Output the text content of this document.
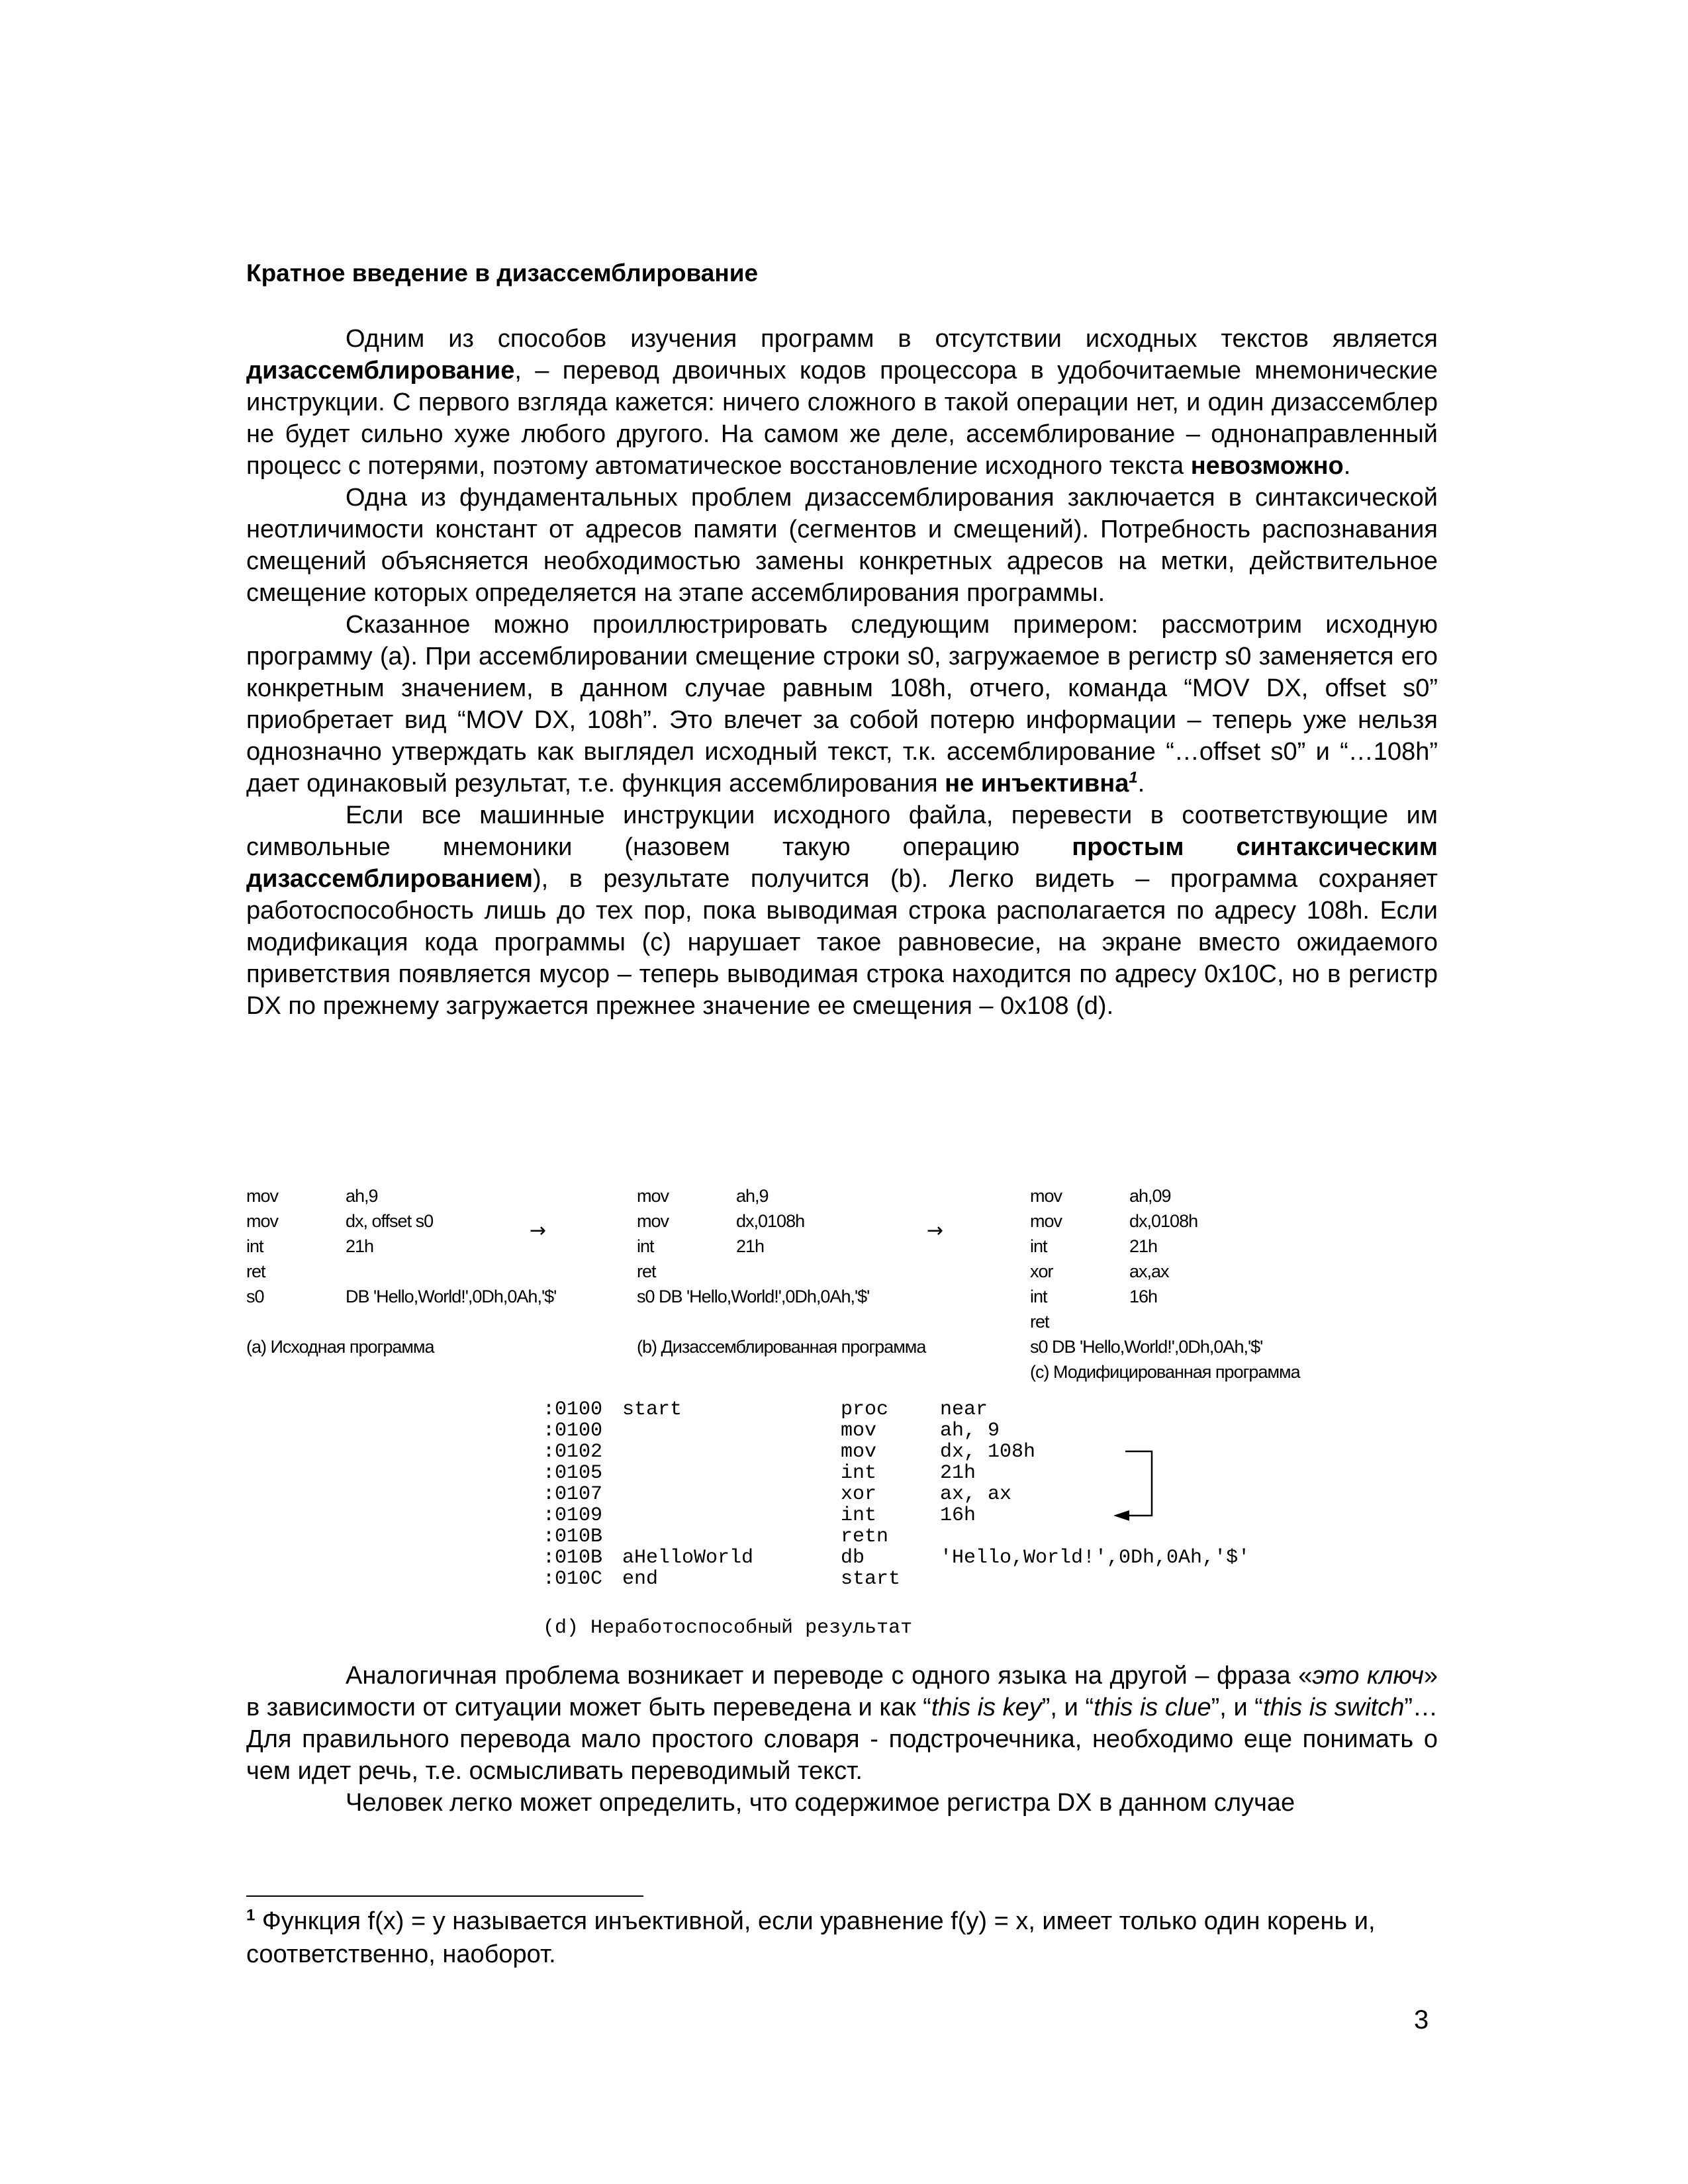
Кратное введение в дизассемблирование

Одним из способов изучения программ в отсутствии исходных текстов является дизассемблирование, – перевод двоичных кодов процессора в удобочитаемые мнемонические инструкции. С первого взгляда кажется: ничего сложного в такой операции нет, и один дизассемблер не будет сильно хуже любого другого. На самом же деле, ассемблирование – однонаправленный процесс с потерями, поэтому автоматическое восстановление исходного текста невозможно.

Одна из фундаментальных проблем дизассемблирования заключается в синтаксической неотличимости констант от адресов памяти (сегментов и смещений). Потребность распознавания смещений объясняется необходимостью замены конкретных адресов на метки, действительное смещение которых определяется на этапе ассемблирования программы.

Сказанное можно проиллюстрировать следующим примером: рассмотрим исходную программу (a). При ассемблировании смещение строки s0, загружаемое в регистр s0 заменяется его конкретным значением, в данном случае равным 108h, отчего, команда “MOV DX, offset s0” приобретает вид “MOV DX, 108h”. Это влечет за собой потерю информации – теперь уже нельзя однозначно утверждать как выглядел исходный текст, т.к. ассемблирование “…offset s0” и “…108h” дает одинаковый результат, т.е. функция ассемблирования не инъективна$^1$.

Если все машинные инструкции исходного файла, перевести в соответствующие им символьные мнемоники (назовем такую операцию простым синтаксическим дизассемблированием), в результате получится (b). Легко видеть – программа сохраняет работоспособность лишь до тех пор, пока выводимая строка располагается по адресу 108h. Если модификация кода программы (c) нарушает такое равновесие, на экране вместо ожидаемого приветствия появляется мусор – теперь выводимая строка находится по адресу 0x10C, но в регистр DX по прежнему загружается прежнее значение ее смещения – 0x108 (d).

mov	ah,9
mov	dx, offset s0
int	21h
ret
s0	DB 'Hello,World!',0Dh,0Ah,'$'
(a) Исходная программа
→
mov	ah,9
mov	dx,0108h
int	21h
ret
s0 DB 'Hello,World!',0Dh,0Ah,'$'
(b) Дизассемблированная программа
→
mov	ah,09
mov	dx,0108h
int	21h
xor	ax,ax
int	16h
ret
s0 DB 'Hello,World!',0Dh,0Ah,'$'
(c) Модифицированная программа
:0100 start	proc	near
:0100	mov	ah, 9
:0102	mov	dx, 108h
:0105	int	21h
:0107	xor	ax, ax
:0109	int	16h
:010B	retn
:010B aHelloWorld	db	'Hello,World!',0Dh,0Ah,'$'
:010C end	start
(d) Неработоспособный результат

Аналогичная проблема возникает и переводе с одного языка на другой – фраза «это ключ» в зависимости от ситуации может быть переведена и как “this is key”, и “this is clue”, и “this is switch”… Для правильного перевода мало простого словаря - подстрочечника, необходимо еще понимать о чем идет речь, т.е. осмысливать переводимый текст.

Человек легко может определить, что содержимое регистра DX в данном случае

$^1$ Функция f(x) = y называется инъективной, если уравнение f(y) = x, имеет только один корень и, соответственно, наоборот.
3
